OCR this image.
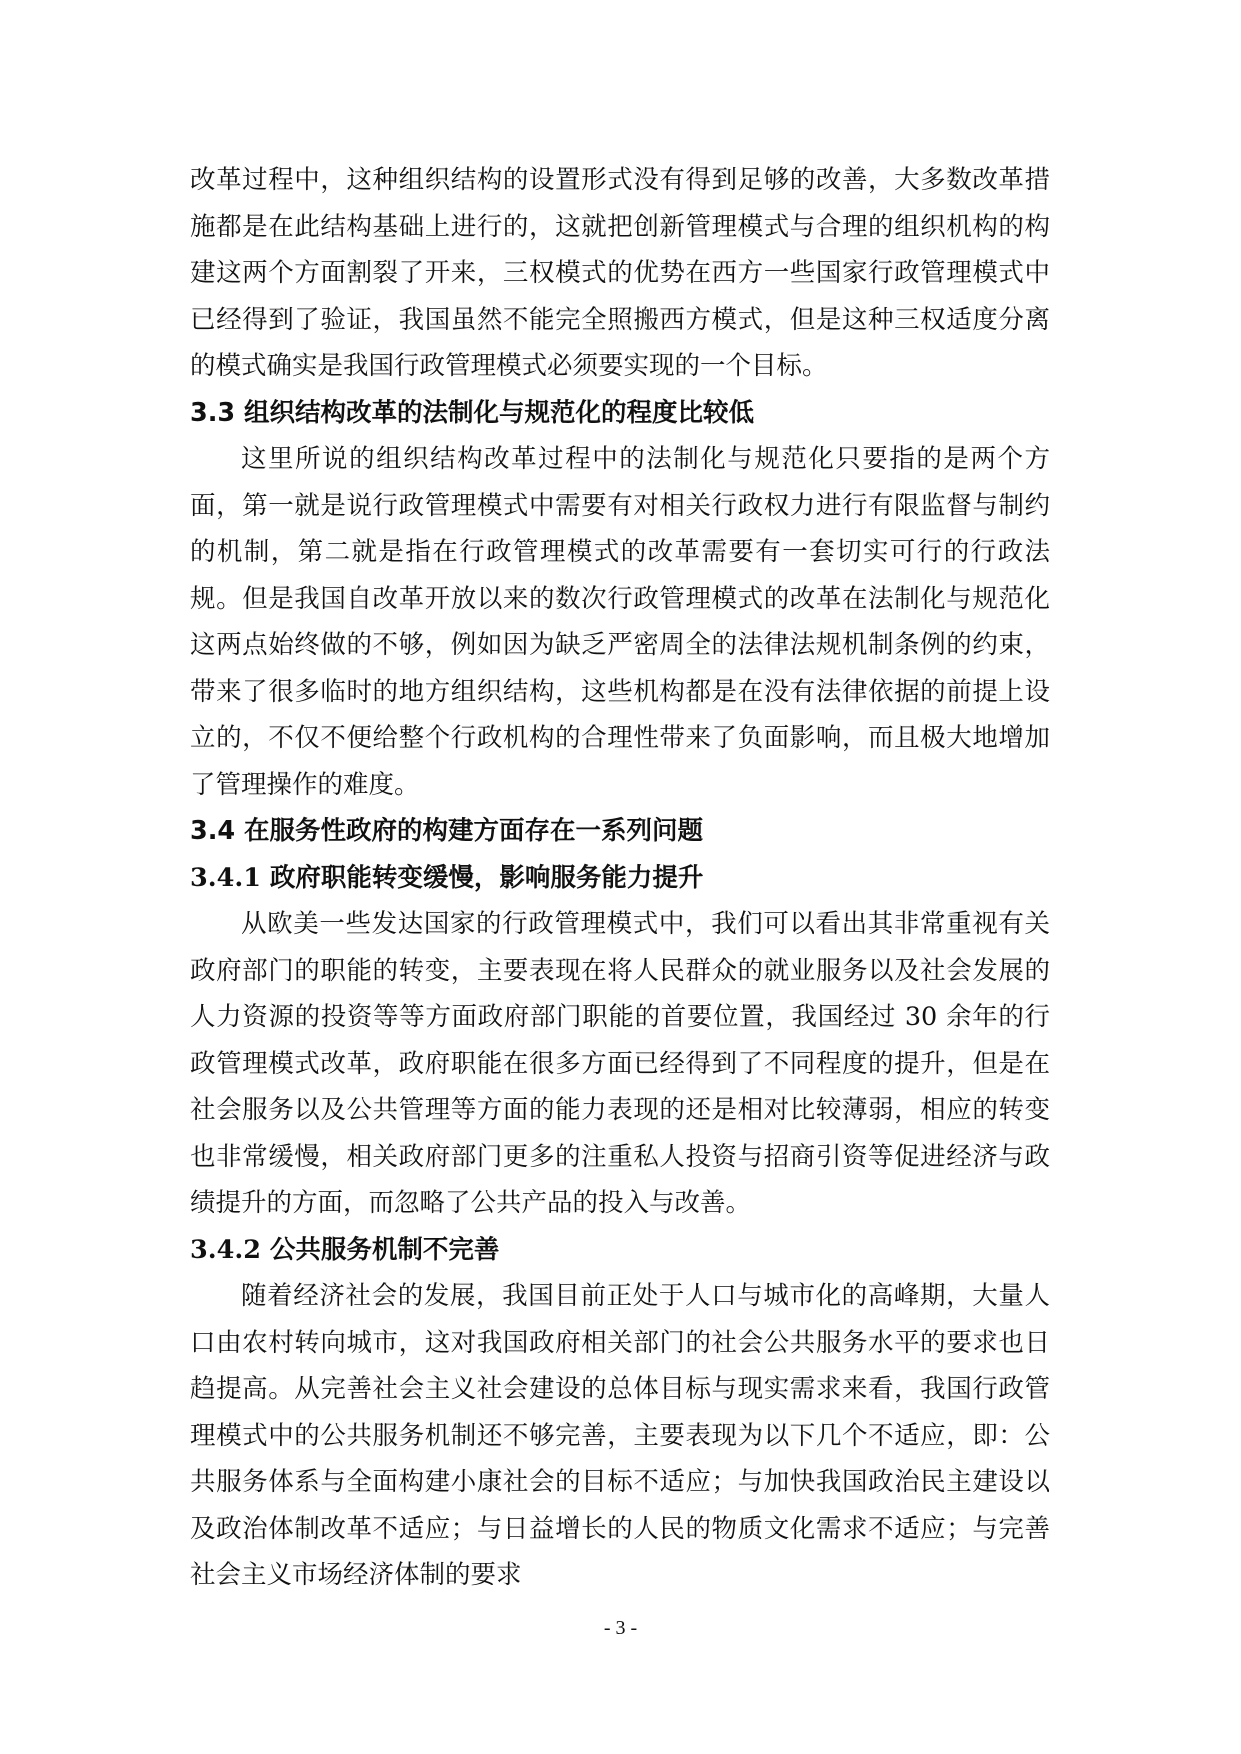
改革过程中，这种组织结构的设置形式没有得到足够的改善，大多数改革措施都是在此结构基础上进行的，这就把创新管理模式与合理的组织机构的构建这两个方面割裂了开来，三权模式的优势在西方一些国家行政管理模式中已经得到了验证，我国虽然不能完全照搬西方模式，但是这种三权适度分离的模式确实是我国行政管理模式必须要实现的一个目标。

3.3 组织结构改革的法制化与规范化的程度比较低

这里所说的组织结构改革过程中的法制化与规范化只要指的是两个方面，第一就是说行政管理模式中需要有对相关行政权力进行有限监督与制约的机制，第二就是指在行政管理模式的改革需要有一套切实可行的行政法规。但是我国自改革开放以来的数次行政管理模式的改革在法制化与规范化这两点始终做的不够，例如因为缺乏严密周全的法律法规机制条例的约束，带来了很多临时的地方组织结构，这些机构都是在没有法律依据的前提上设立的，不仅不便给整个行政机构的合理性带来了负面影响，而且极大地增加了管理操作的难度。

3.4 在服务性政府的构建方面存在一系列问题
3.4.1 政府职能转变缓慢，影响服务能力提升

从欧美一些发达国家的行政管理模式中，我们可以看出其非常重视有关政府部门的职能的转变，主要表现在将人民群众的就业服务以及社会发展的人力资源的投资等等方面政府部门职能的首要位置，我国经过 30 余年的行政管理模式改革，政府职能在很多方面已经得到了不同程度的提升，但是在社会服务以及公共管理等方面的能力表现的还是相对比较薄弱，相应的转变也非常缓慢，相关政府部门更多的注重私人投资与招商引资等促进经济与政绩提升的方面，而忽略了公共产品的投入与改善。

3.4.2 公共服务机制不完善

随着经济社会的发展，我国目前正处于人口与城市化的高峰期，大量人口由农村转向城市，这对我国政府相关部门的社会公共服务水平的要求也日趋提高。从完善社会主义社会建设的总体目标与现实需求来看，我国行政管理模式中的公共服务机制还不够完善，主要表现为以下几个不适应，即：公共服务体系与全面构建小康社会的目标不适应；与加快我国政治民主建设以及政治体制改革不适应；与日益增长的人民的物质文化需求不适应；与完善社会主义市场经济体制的要求

- 3 -
